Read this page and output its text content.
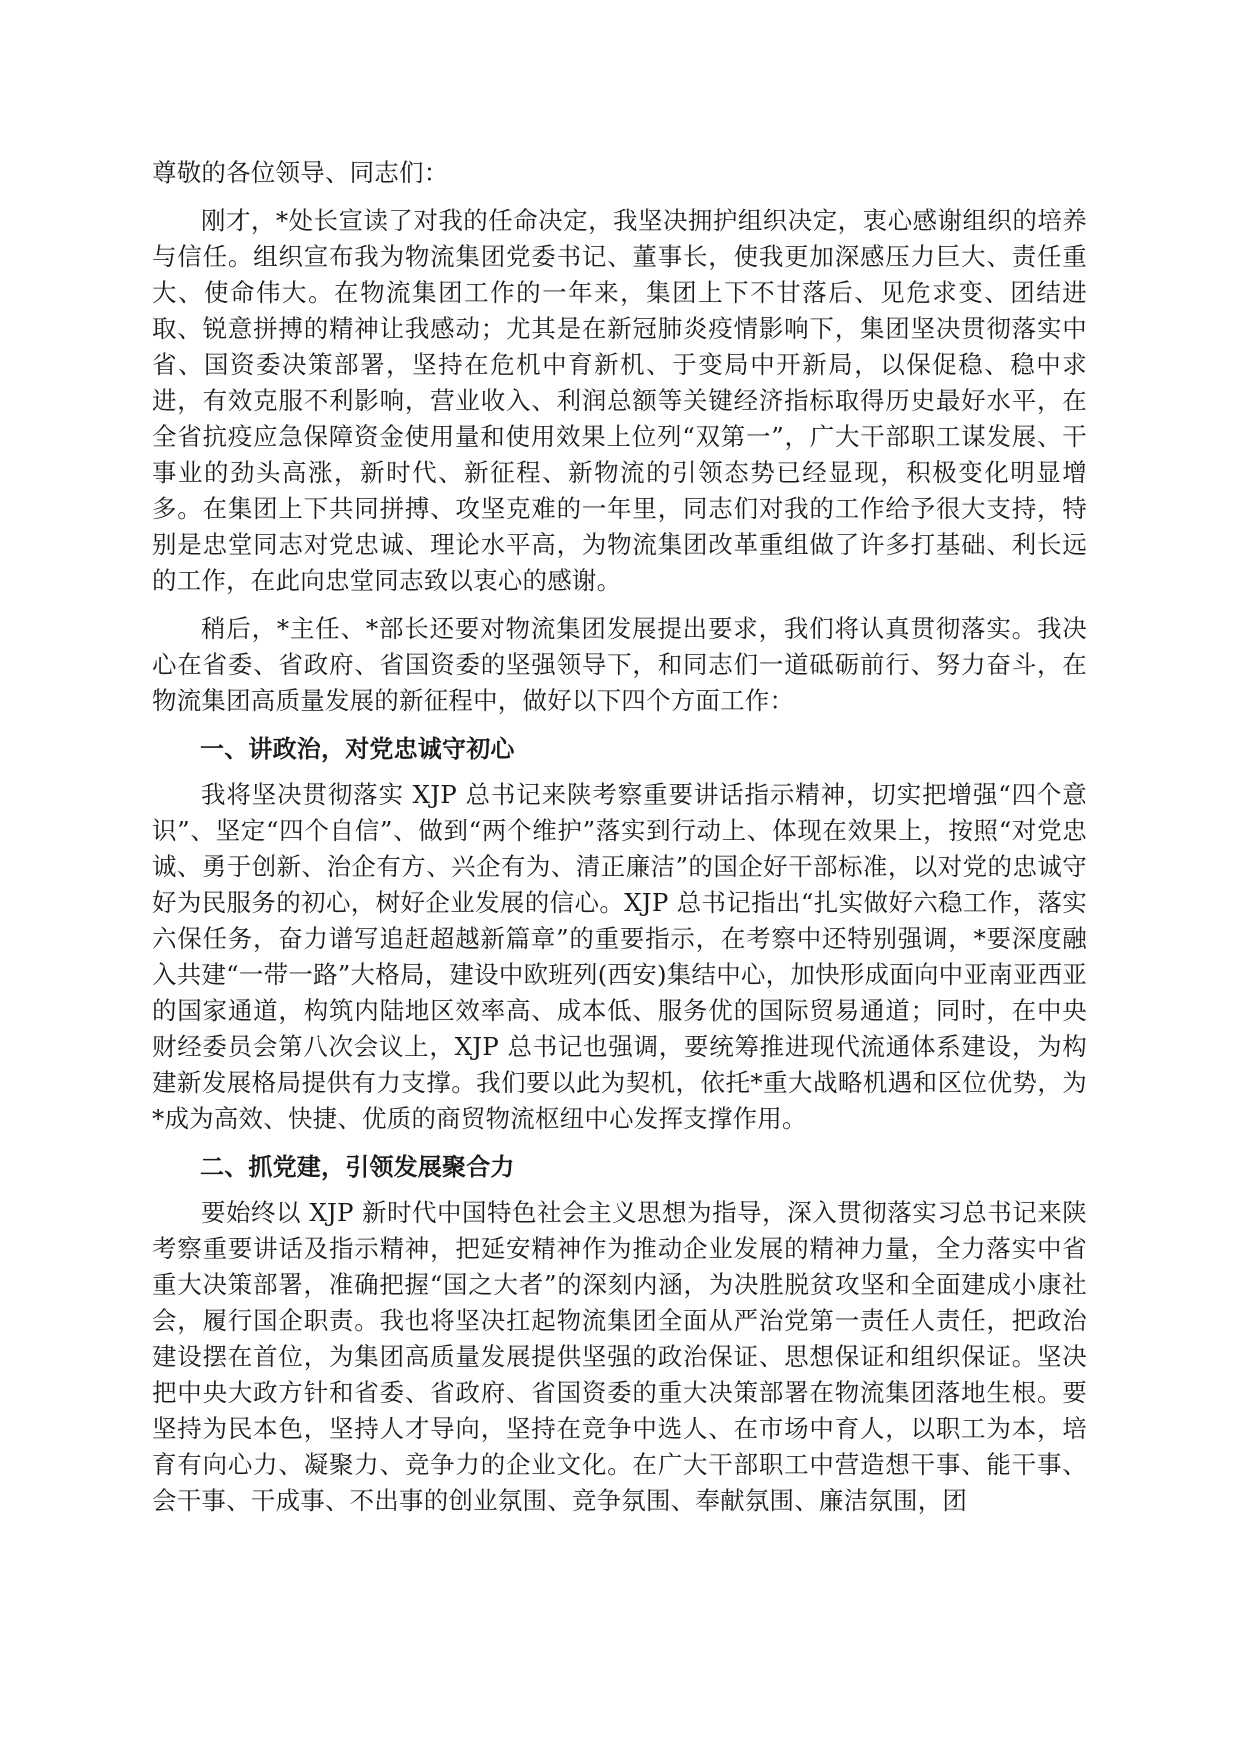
尊敬的各位领导、同志们：

刚才，*处长宣读了对我的任命决定，我坚决拥护组织决定，衷心感谢组织的培养与信任。组织宣布我为物流集团党委书记、董事长，使我更加深感压力巨大、责任重大、使命伟大。在物流集团工作的一年来，集团上下不甘落后、见危求变、团结进取、锐意拼搏的精神让我感动；尤其是在新冠肺炎疫情影响下，集团坚决贯彻落实中省、国资委决策部署，坚持在危机中育新机、于变局中开新局，以保促稳、稳中求进，有效克服不利影响，营业收入、利润总额等关键经济指标取得历史最好水平，在全省抗疫应急保障资金使用量和使用效果上位列“双第一”，广大干部职工谋发展、干事业的劲头高涨，新时代、新征程、新物流的引领态势已经显现，积极变化明显增多。在集团上下共同拼搏、攻坚克难的一年里，同志们对我的工作给予很大支持，特别是忠堂同志对党忠诚、理论水平高，为物流集团改革重组做了许多打基础、利长远的工作，在此向忠堂同志致以衷心的感谢。

稍后，*主任、*部长还要对物流集团发展提出要求，我们将认真贯彻落实。我决心在省委、省政府、省国资委的坚强领导下，和同志们一道砥砺前行、努力奋斗，在物流集团高质量发展的新征程中，做好以下四个方面工作：

一、讲政治，对党忠诚守初心

我将坚决贯彻落实 XJP 总书记来陕考察重要讲话指示精神，切实把增强“四个意识”、坚定“四个自信”、做到“两个维护”落实到行动上、体现在效果上，按照“对党忠诚、勇于创新、治企有方、兴企有为、清正廉洁”的国企好干部标准，以对党的忠诚守好为民服务的初心，树好企业发展的信心。XJP 总书记指出“扎实做好六稳工作，落实六保任务，奋力谱写追赶超越新篇章”的重要指示，在考察中还特别强调，*要深度融入共建“一带一路”大格局，建设中欧班列(西安)集结中心，加快形成面向中亚南亚西亚的国家通道，构筑内陆地区效率高、成本低、服务优的国际贸易通道；同时，在中央财经委员会第八次会议上，XJP 总书记也强调，要统筹推进现代流通体系建设，为构建新发展格局提供有力支撑。我们要以此为契机，依托*重大战略机遇和区位优势，为*成为高效、快捷、优质的商贸物流枢纽中心发挥支撑作用。

二、抓党建，引领发展聚合力

要始终以 XJP 新时代中国特色社会主义思想为指导，深入贯彻落实习总书记来陕考察重要讲话及指示精神，把延安精神作为推动企业发展的精神力量，全力落实中省重大决策部署，准确把握“国之大者”的深刻内涵，为决胜脱贫攻坚和全面建成小康社会，履行国企职责。我也将坚决扛起物流集团全面从严治党第一责任人责任，把政治建设摆在首位，为集团高质量发展提供坚强的政治保证、思想保证和组织保证。坚决把中央大政方针和省委、省政府、省国资委的重大决策部署在物流集团落地生根。要坚持为民本色，坚持人才导向，坚持在竞争中选人、在市场中育人，以职工为本，培育有向心力、凝聚力、竞争力的企业文化。在广大干部职工中营造想干事、能干事、会干事、干成事、不出事的创业氛围、竞争氛围、奉献氛围、廉洁氛围，团
